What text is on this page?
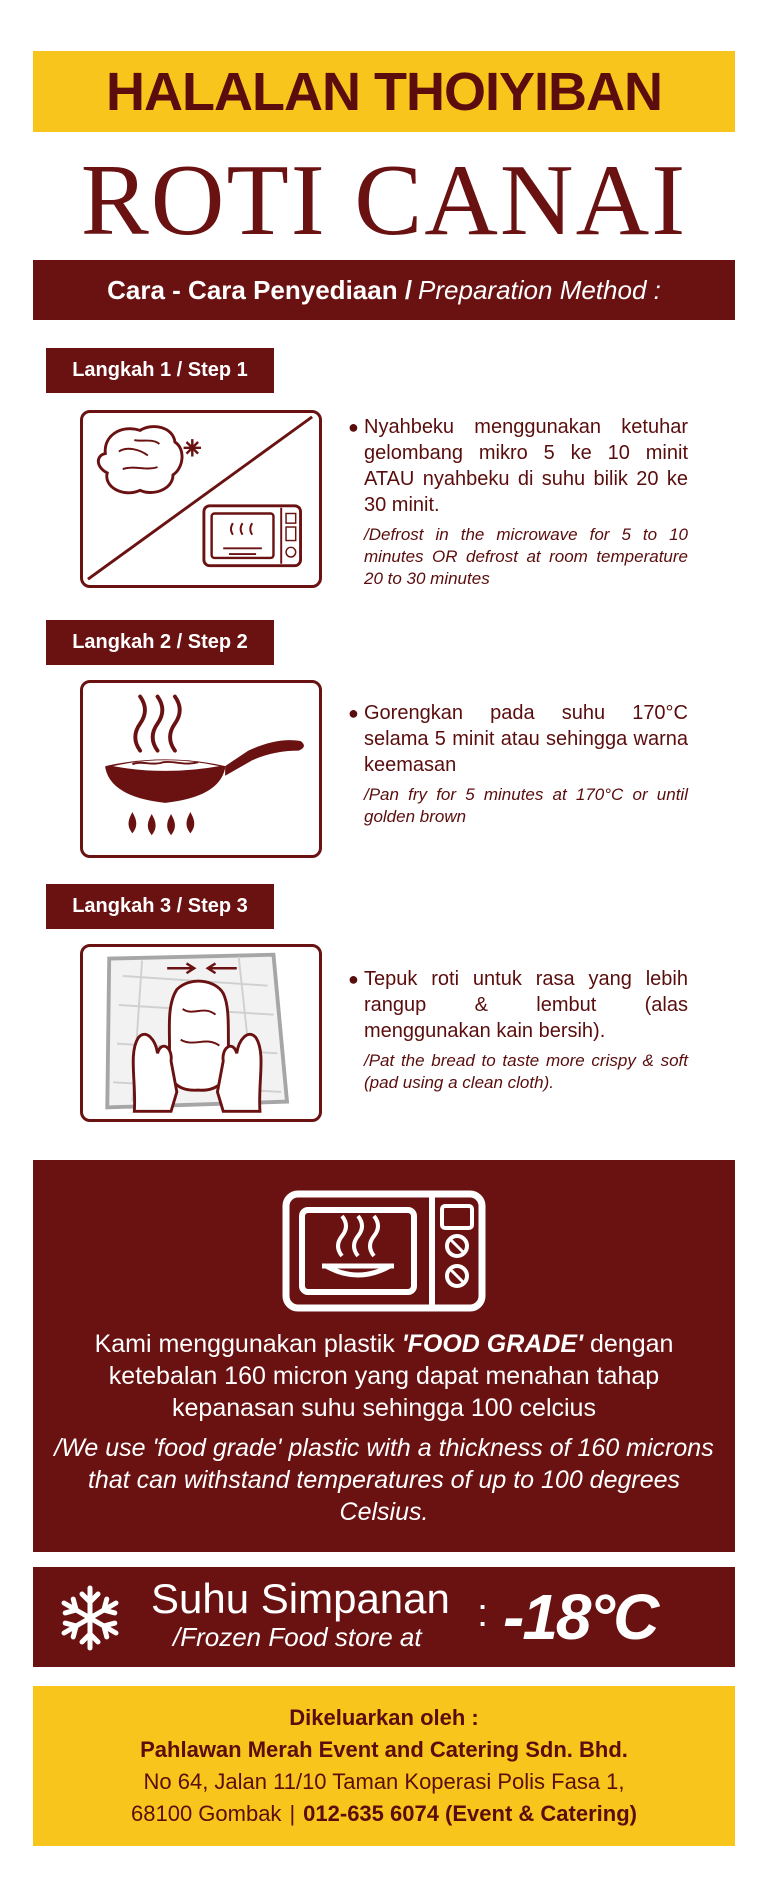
HALALAN THOIYIBAN
ROTI CANAI
Cara - Cara Penyediaan / Preparation Method :
Langkah 1 / Step 1
● Nyahbeku menggunakan ketuhar gelombang mikro 5 ke 10 minit ATAU nyahbeku di suhu bilik 20 ke 30 minit.
/Defrost in the microwave for 5 to 10 minutes OR defrost at room temperature 20 to 30 minutes
Langkah 2 / Step 2
● Gorengkan pada suhu 170°C selama 5 minit atau sehingga warna keemasan
/Pan fry for 5 minutes at 170°C or until golden brown
Langkah 3 / Step 3
● Tepuk roti untuk rasa yang lebih rangup & lembut (alas menggunakan kain bersih).
/Pat the bread to taste more crispy & soft (pad using a clean cloth).
Kami menggunakan plastik 'FOOD GRADE' dengan ketebalan 160 micron yang dapat menahan tahap kepanasan suhu sehingga 100 celcius
/We use 'food grade' plastic with a thickness of 160 microns that can withstand temperatures of up to 100 degrees Celsius.
Suhu Simpanan
/Frozen Food store at
: -18°C
Dikeluarkan oleh :
Pahlawan Merah Event and Catering Sdn. Bhd.
No 64, Jalan 11/10 Taman Koperasi Polis Fasa 1,
68100 Gombak | 012-635 6074 (Event & Catering)
